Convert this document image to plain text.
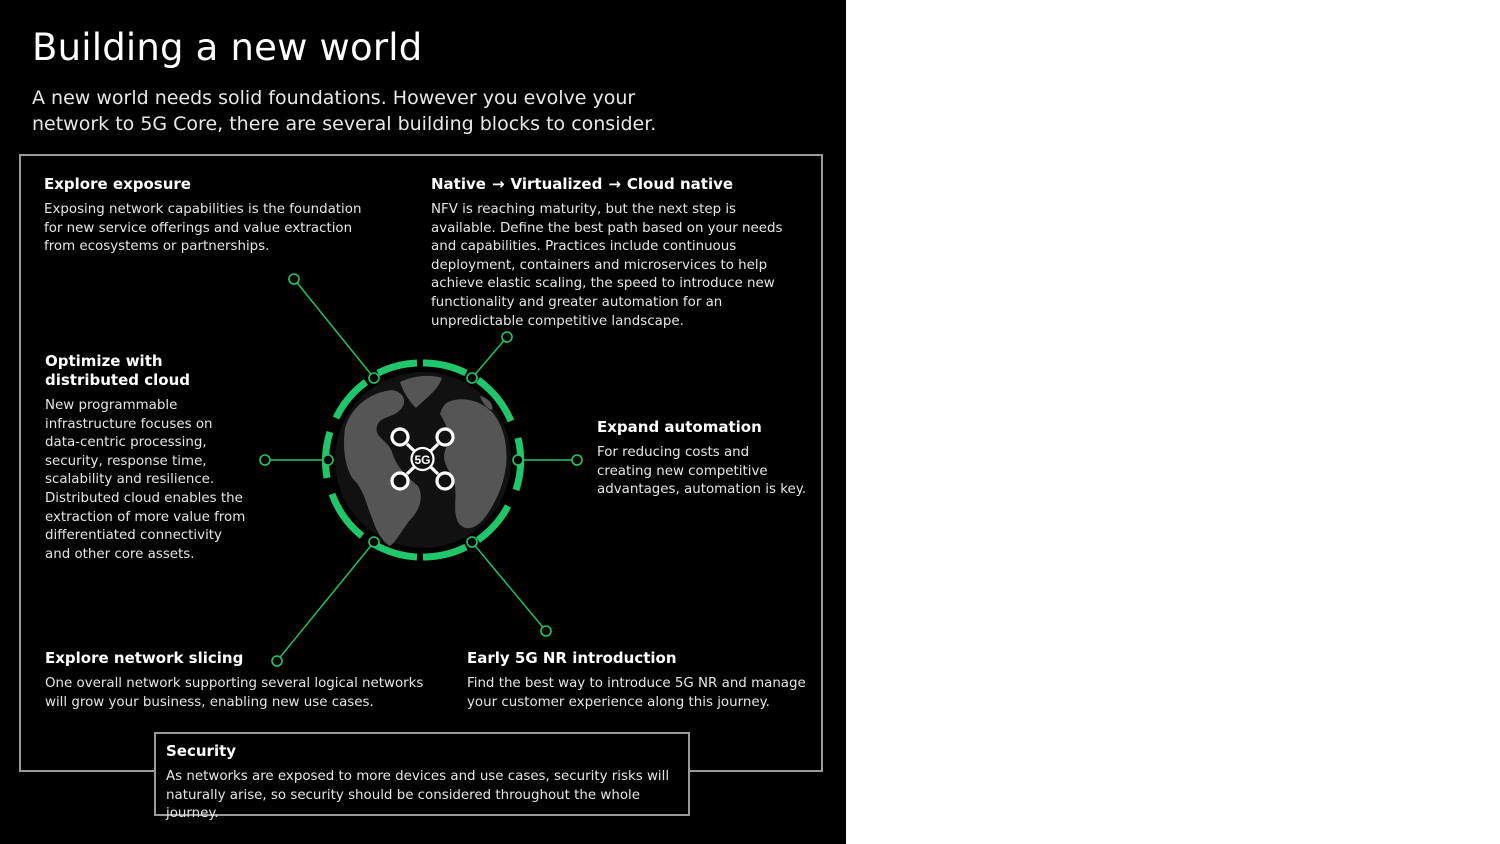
Building a new world
A new world needs solid foundations. However you evolve your network to 5G Core, there are several building blocks to consider.
5G
Explore exposure
Exposing network capabilities is the foundation for new service offerings and value extraction from ecosystems or partnerships.
Native → Virtualized → Cloud native
NFV is reaching maturity, but the next step is available. Define the best path based on your needs and capabilities. Practices include continuous deployment, containers and microservices to help achieve elastic scaling, the speed to introduce new functionality and greater automation for an unpredictable competitive landscape.
Optimize with distributed cloud
New programmable infrastructure focuses on data-centric processing, security, response time, scalability and resilience. Distributed cloud enables the extraction of more value from differentiated connectivity and other core assets.
Expand automation
For reducing costs and creating new competitive advantages, automation is key.
Explore network slicing
One overall network supporting several logical networks will grow your business, enabling new use cases.
Early 5G NR introduction
Find the best way to introduce 5G NR and manage your customer experience along this journey.
Security
As networks are exposed to more devices and use cases, security risks will naturally arise, so security should be considered throughout the whole journey.
